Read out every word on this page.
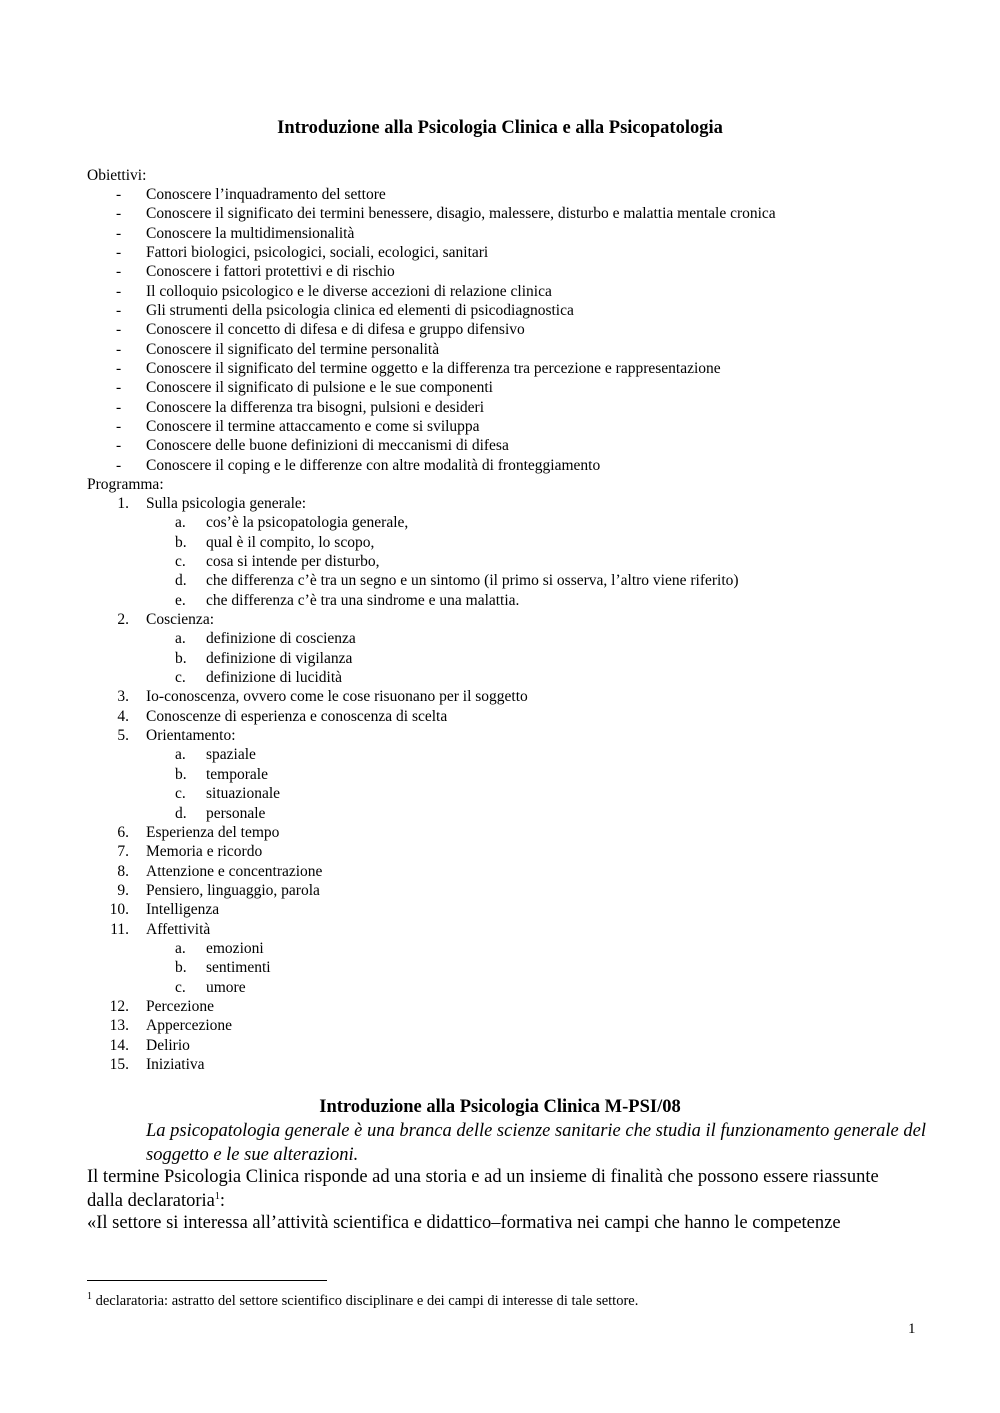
Introduzione alla Psicologia Clinica e alla Psicopatologia
Obiettivi:
- Conoscere l’inquadramento del settore
- Conoscere il significato dei termini benessere, disagio, malessere, disturbo e malattia mentale cronica
- Conoscere la multidimensionalità
- Fattori biologici, psicologici, sociali, ecologici, sanitari
- Conoscere i fattori protettivi e di rischio
- Il colloquio psicologico e le diverse accezioni di relazione clinica
- Gli strumenti della psicologia clinica ed elementi di psicodiagnostica
- Conoscere il concetto di difesa e di difesa e gruppo difensivo
- Conoscere il significato del termine personalità
- Conoscere il significato del termine oggetto e la differenza tra percezione e rappresentazione
- Conoscere il significato di pulsione e le sue componenti
- Conoscere la differenza tra bisogni, pulsioni e desideri
- Conoscere il termine attaccamento e come si sviluppa
- Conoscere delle buone definizioni di meccanismi di difesa
- Conoscere il coping e le differenze con altre modalità di fronteggiamento
Programma:
1. Sulla psicologia generale:
a. cos’è la psicopatologia generale,
b. qual è il compito, lo scopo,
c. cosa si intende per disturbo,
d. che differenza c’è tra un segno e un sintomo (il primo si osserva, l’altro viene riferito)
e. che differenza c’è tra una sindrome e una malattia.
2. Coscienza:
a. definizione di coscienza
b. definizione di vigilanza
c. definizione di lucidità
3. Io-conoscenza, ovvero come le cose risuonano per il soggetto
4. Conoscenze di esperienza e conoscenza di scelta
5. Orientamento:
a. spaziale
b. temporale
c. situazionale
d. personale
6. Esperienza del tempo
7. Memoria e ricordo
8. Attenzione e concentrazione
9. Pensiero, linguaggio, parola
10. Intelligenza
11. Affettività
a. emozioni
b. sentimenti
c. umore
12. Percezione
13. Appercezione
14. Delirio
15. Iniziativa
Introduzione alla Psicologia Clinica M-PSI/08
La psicopatologia generale è una branca delle scienze sanitarie che studia il funzionamento generale del soggetto e le sue alterazioni.
Il termine Psicologia Clinica risponde ad una storia e ad un insieme di finalità che possono essere riassunte dalla declaratoria$^1$:
«Il settore si interessa all’attività scientifica e didattico–formativa nei campi che hanno le competenze
$^1$ declaratoria: astratto del settore scientifico disciplinare e dei campi di interesse di tale settore.
1
